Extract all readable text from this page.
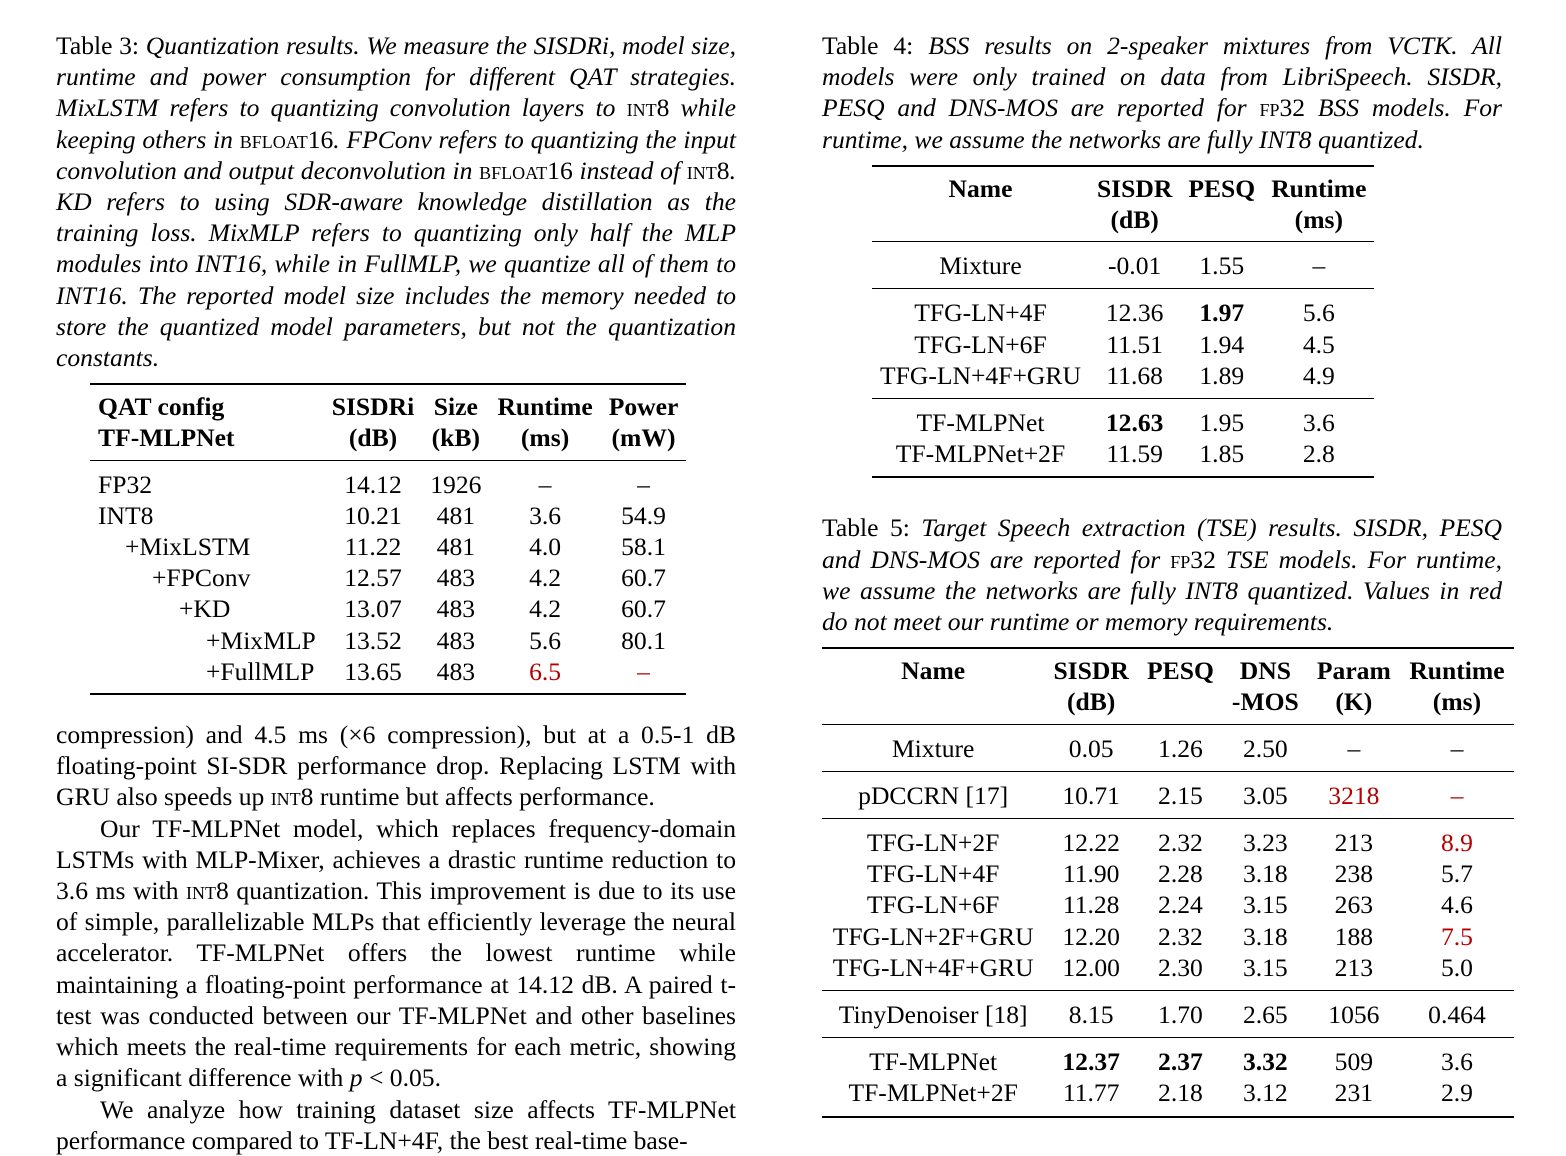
Table 3: Quantization results. We measure the SISDRi, model size, runtime and power consumption for different QAT strategies. MixLSTM refers to quantizing convolution layers to int8 while keeping others in bfloat16. FPConv refers to quantizing the input convolution and output deconvolution in bfloat16 instead of int8. KD refers to using SDR-aware knowledge distillation as the training loss. MixMLP refers to quantizing only half the MLP modules into INT16, while in FullMLP, we quantize all of them to INT16. The reported model size includes the memory needed to store the quantized model parameters, but not the quantization constants.

QAT config	SISDRi	Size	Runtime	Power
TF-MLPNet	(dB)	(kB)	(ms)	(mW)
FP32	14.12	1926	–	–
INT8	10.21	481	3.6	54.9
+MixLSTM	11.22	481	4.0	58.1
+FPConv	12.57	483	4.2	60.7
+KD	13.07	483	4.2	60.7
+MixMLP	13.52	483	5.6	80.1
+FullMLP	13.65	483	6.5	–

compression) and 4.5 ms (×6 compression), but at a 0.5-1 dB floating-point SI-SDR performance drop. Replacing LSTM with GRU also speeds up int8 runtime but affects performance.

Our TF-MLPNet model, which replaces frequency-domain LSTMs with MLP-Mixer, achieves a drastic runtime reduction to 3.6 ms with int8 quantization. This improvement is due to its use of simple, parallelizable MLPs that efficiently leverage the neural accelerator. TF-MLPNet offers the lowest runtime while maintaining a floating-point performance at 14.12 dB. A paired t-test was conducted between our TF-MLPNet and other baselines which meets the real-time requirements for each metric, showing a significant difference with p < 0.05.

We analyze how training dataset size affects TF-MLPNet performance compared to TF-LN+4F, the best real-time base-

Table 4: BSS results on 2-speaker mixtures from VCTK. All models were only trained on data from LibriSpeech. SISDR, PESQ and DNS-MOS are reported for fp32 BSS models. For runtime, we assume the networks are fully INT8 quantized.

Name	SISDR	PESQ	Runtime
	(dB)		(ms)
Mixture	-0.01	1.55	–
TFG-LN+4F	12.36	1.97	5.6
TFG-LN+6F	11.51	1.94	4.5
TFG-LN+4F+GRU	11.68	1.89	4.9
TF-MLPNet	12.63	1.95	3.6
TF-MLPNet+2F	11.59	1.85	2.8

Table 5: Target Speech extraction (TSE) results. SISDR, PESQ and DNS-MOS are reported for fp32 TSE models. For runtime, we assume the networks are fully INT8 quantized. Values in red do not meet our runtime or memory requirements.

Name	SISDR	PESQ	DNS	Param	Runtime
	(dB)		-MOS	(K)	(ms)
Mixture	0.05	1.26	2.50	–	–
pDCCRN [17]	10.71	2.15	3.05	3218	–
TFG-LN+2F	12.22	2.32	3.23	213	8.9
TFG-LN+4F	11.90	2.28	3.18	238	5.7
TFG-LN+6F	11.28	2.24	3.15	263	4.6
TFG-LN+2F+GRU	12.20	2.32	3.18	188	7.5
TFG-LN+4F+GRU	12.00	2.30	3.15	213	5.0
TinyDenoiser [18]	8.15	1.70	2.65	1056	0.464
TF-MLPNet	12.37	2.37	3.32	509	3.6
TF-MLPNet+2F	11.77	2.18	3.12	231	2.9
